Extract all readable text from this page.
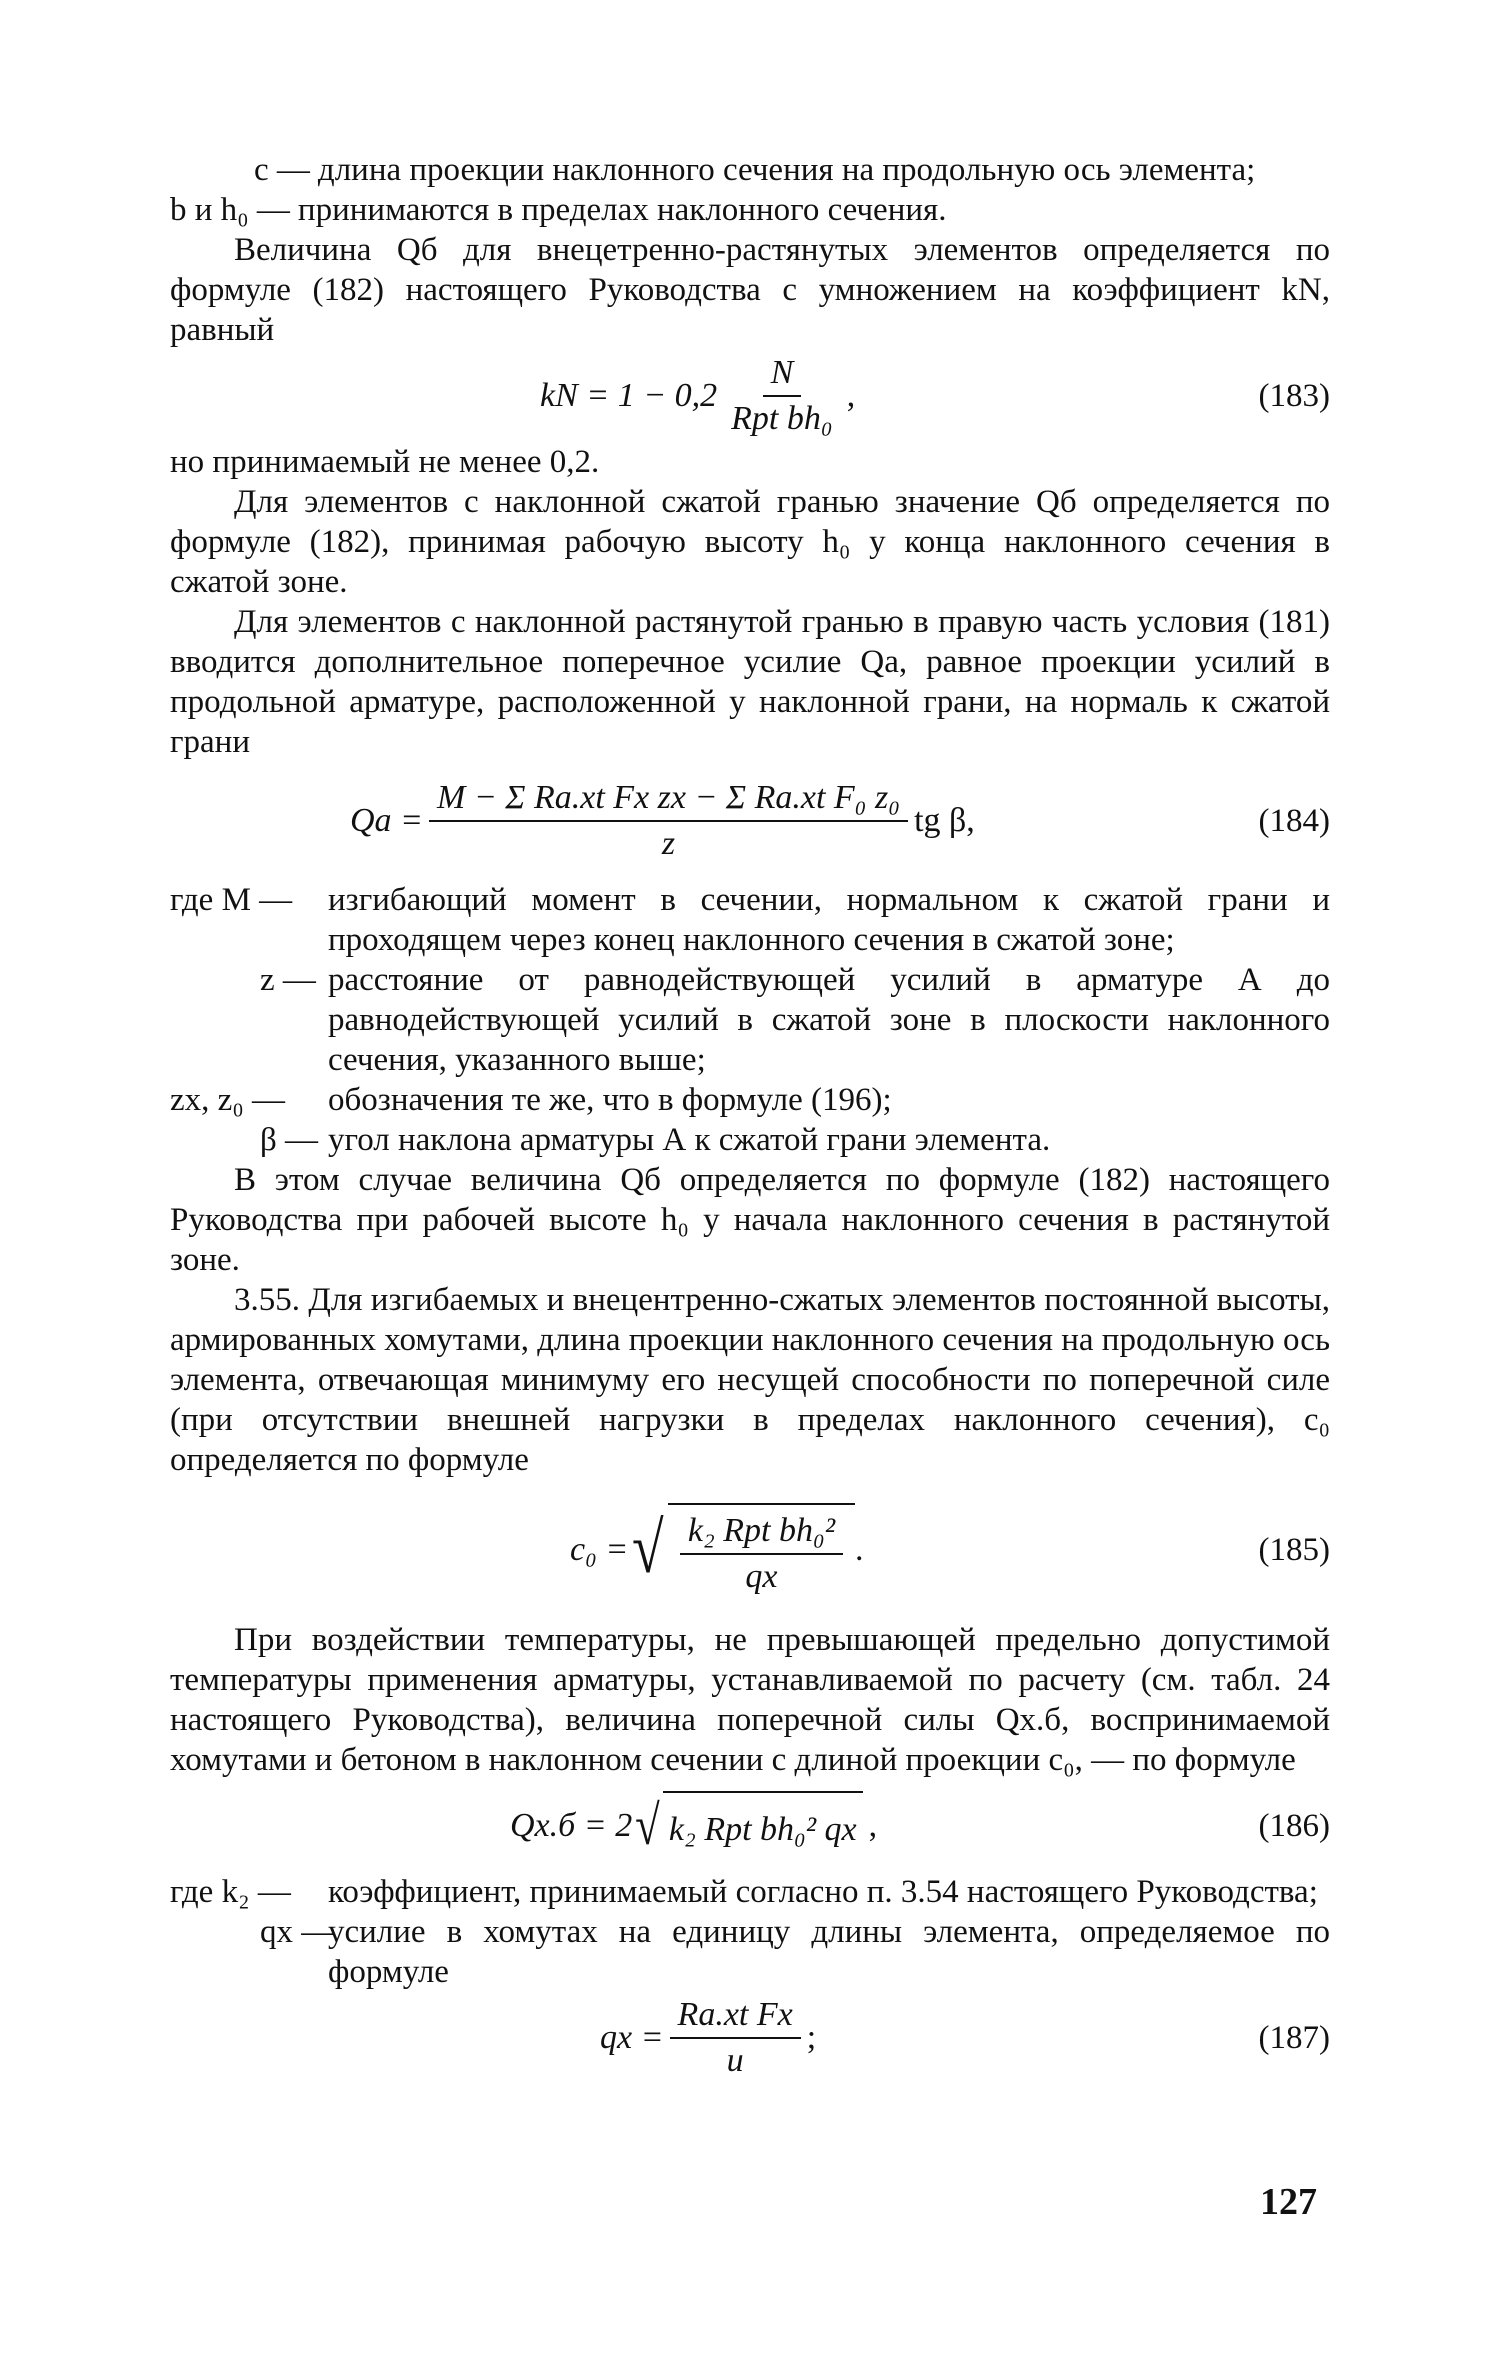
c — длина проекции наклонного сечения на продольную ось элемента;
b и h₀ — принимаются в пределах наклонного сечения.

Величина Qб для внецетренно-растянутых элементов определяется по формуле (182) настоящего Руководства с умножением на коэффициент kN, равный

kN = $1 - 0,2 \frac{N}{\text{Rpt bh₀}}$ ,	(183)

но принимаемый не менее 0,2.

Для элементов с наклонной сжатой гранью значение Qб определяется по формуле (182), принимая рабочую высоту h₀ у конца наклонного сечения в сжатой зоне.

Для элементов с наклонной растянутой гранью в правую часть условия (181) вводится дополнительное поперечное усилие Qа, равное проекции усилий в продольной арматуре, расположенной у наклонной грани, на нормаль к сжатой грани

Qа = $\frac{\text{M − Σ Rа.хt Fх zх − Σ Rа.хt F₀ z₀}}{z}$ tg β,	(184)
где M —	изгибающий момент в сечении, нормальном к сжатой грани и проходящем через конец наклонного сечения в сжатой зоне;
z — расстояние от равнодействующей усилий в арматуре А до равнодействующей усилий в сжатой зоне в плоскости наклонного сечения, указанного выше;
zх, z₀ —	обозначения те же, что в формуле (196);
β — угол наклона арматуры А к сжатой грани элемента.

В этом случае величина Qб определяется по формуле (182) настоящего Руководства при рабочей высоте h₀ у начала наклонного сечения в растянутой зоне.

3.55. Для изгибаемых и внецентренно-сжатых элементов постоянной высоты, армированных хомутами, длина проекции наклонного сечения на продольную ось элемента, отвечающая минимуму его несущей способности по поперечной силе (при отсутствии внешней нагрузки в пределах наклонного сечения), c₀ определяется по формуле

c₀ = √ $\frac{\text{k₂ Rpt bh₀²}}{qх}$ .	(185)

При воздействии температуры, не превышающей предельно допустимой температуры применения арматуры, устанавливаемой по расчету (см. табл. 24 настоящего Руководства), величина поперечной силы Qх.б, воспринимаемой хомутами и бетоном в наклонном сечении с длиной проекции c₀, — по формуле

Qх.б = 2 √ k₂ Rpt bh₀² qх ,	(186)
где k₂ —	коэффициент, принимаемый согласно п. 3.54 настоящего Руководства;
qх —
усилие в хомутах на единицу длины элемента, определяемое по формуле
qх = $\frac{\text{Rа.хt Fх}}{u}$ ;	(187)
127
